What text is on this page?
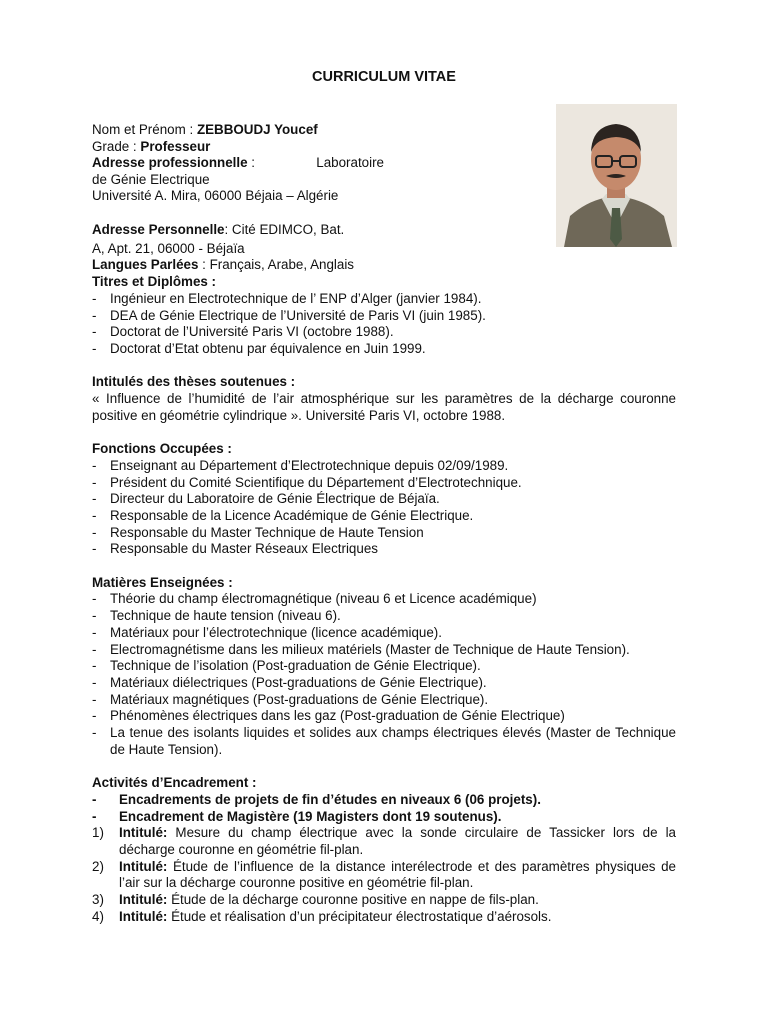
CURRICULUM VITAE
Nom et Prénom : ZEBBOUDJ Youcef
Grade : Professeur
Adresse professionnelle :	Laboratoire
de Génie Electrique
Université A. Mira, 06000 Béjaia – Algérie
Adresse Personnelle: Cité EDIMCO, Bat.
A, Apt. 21, 06000 - Béjaïa
Langues Parlées : Français, Arabe, Anglais
Titres et Diplômes :
- Ingénieur en Electrotechnique de l’ ENP d’Alger (janvier 1984).
- DEA de Génie Electrique de l’Université de Paris VI (juin 1985).
- Doctorat de l’Université Paris VI (octobre 1988).
- Doctorat d’Etat obtenu par équivalence en Juin 1999.
Intitulés des thèses soutenues :
« Influence de l’humidité de l’air atmosphérique sur les paramètres de la décharge couronne positive en géométrie cylindrique ». Université Paris VI, octobre 1988.
Fonctions Occupées :
- Enseignant au Département d’Electrotechnique depuis 02/09/1989.
- Président du Comité Scientifique du Département d’Electrotechnique.
- Directeur du Laboratoire de Génie Électrique de Béjaïa.
- Responsable de la Licence Académique de Génie Electrique.
- Responsable du Master Technique de Haute Tension
- Responsable du Master Réseaux Electriques
Matières Enseignées :
- Théorie du champ électromagnétique (niveau 6 et Licence académique)
- Technique de haute tension (niveau 6).
- Matériaux pour l’électrotechnique (licence académique).
- Electromagnétisme dans les milieux matériels (Master de Technique de Haute Tension).
- Technique de l’isolation (Post-graduation de Génie Electrique).
- Matériaux diélectriques (Post-graduations de Génie Electrique).
- Matériaux magnétiques (Post-graduations de Génie Electrique).
- Phénomènes électriques dans les gaz (Post-graduation de Génie Electrique)
- La tenue des isolants liquides et solides aux champs électriques élevés (Master de Technique de Haute Tension).
Activités d’Encadrement :
- Encadrements de projets de fin d’études en niveaux 6 (06 projets).
- Encadrement de Magistère (19 Magisters dont 19 soutenus).
1) Intitulé: Mesure du champ électrique avec la sonde circulaire de Tassicker lors de la décharge couronne en géométrie fil-plan.
2) Intitulé: Étude de l’influence de la distance interélectrode et des paramètres physiques de l’air sur la décharge couronne positive en géométrie fil-plan.
3) Intitulé: Étude de la décharge couronne positive en nappe de fils-plan.
4) Intitulé: Étude et réalisation d’un précipitateur électrostatique d’aérosols.
